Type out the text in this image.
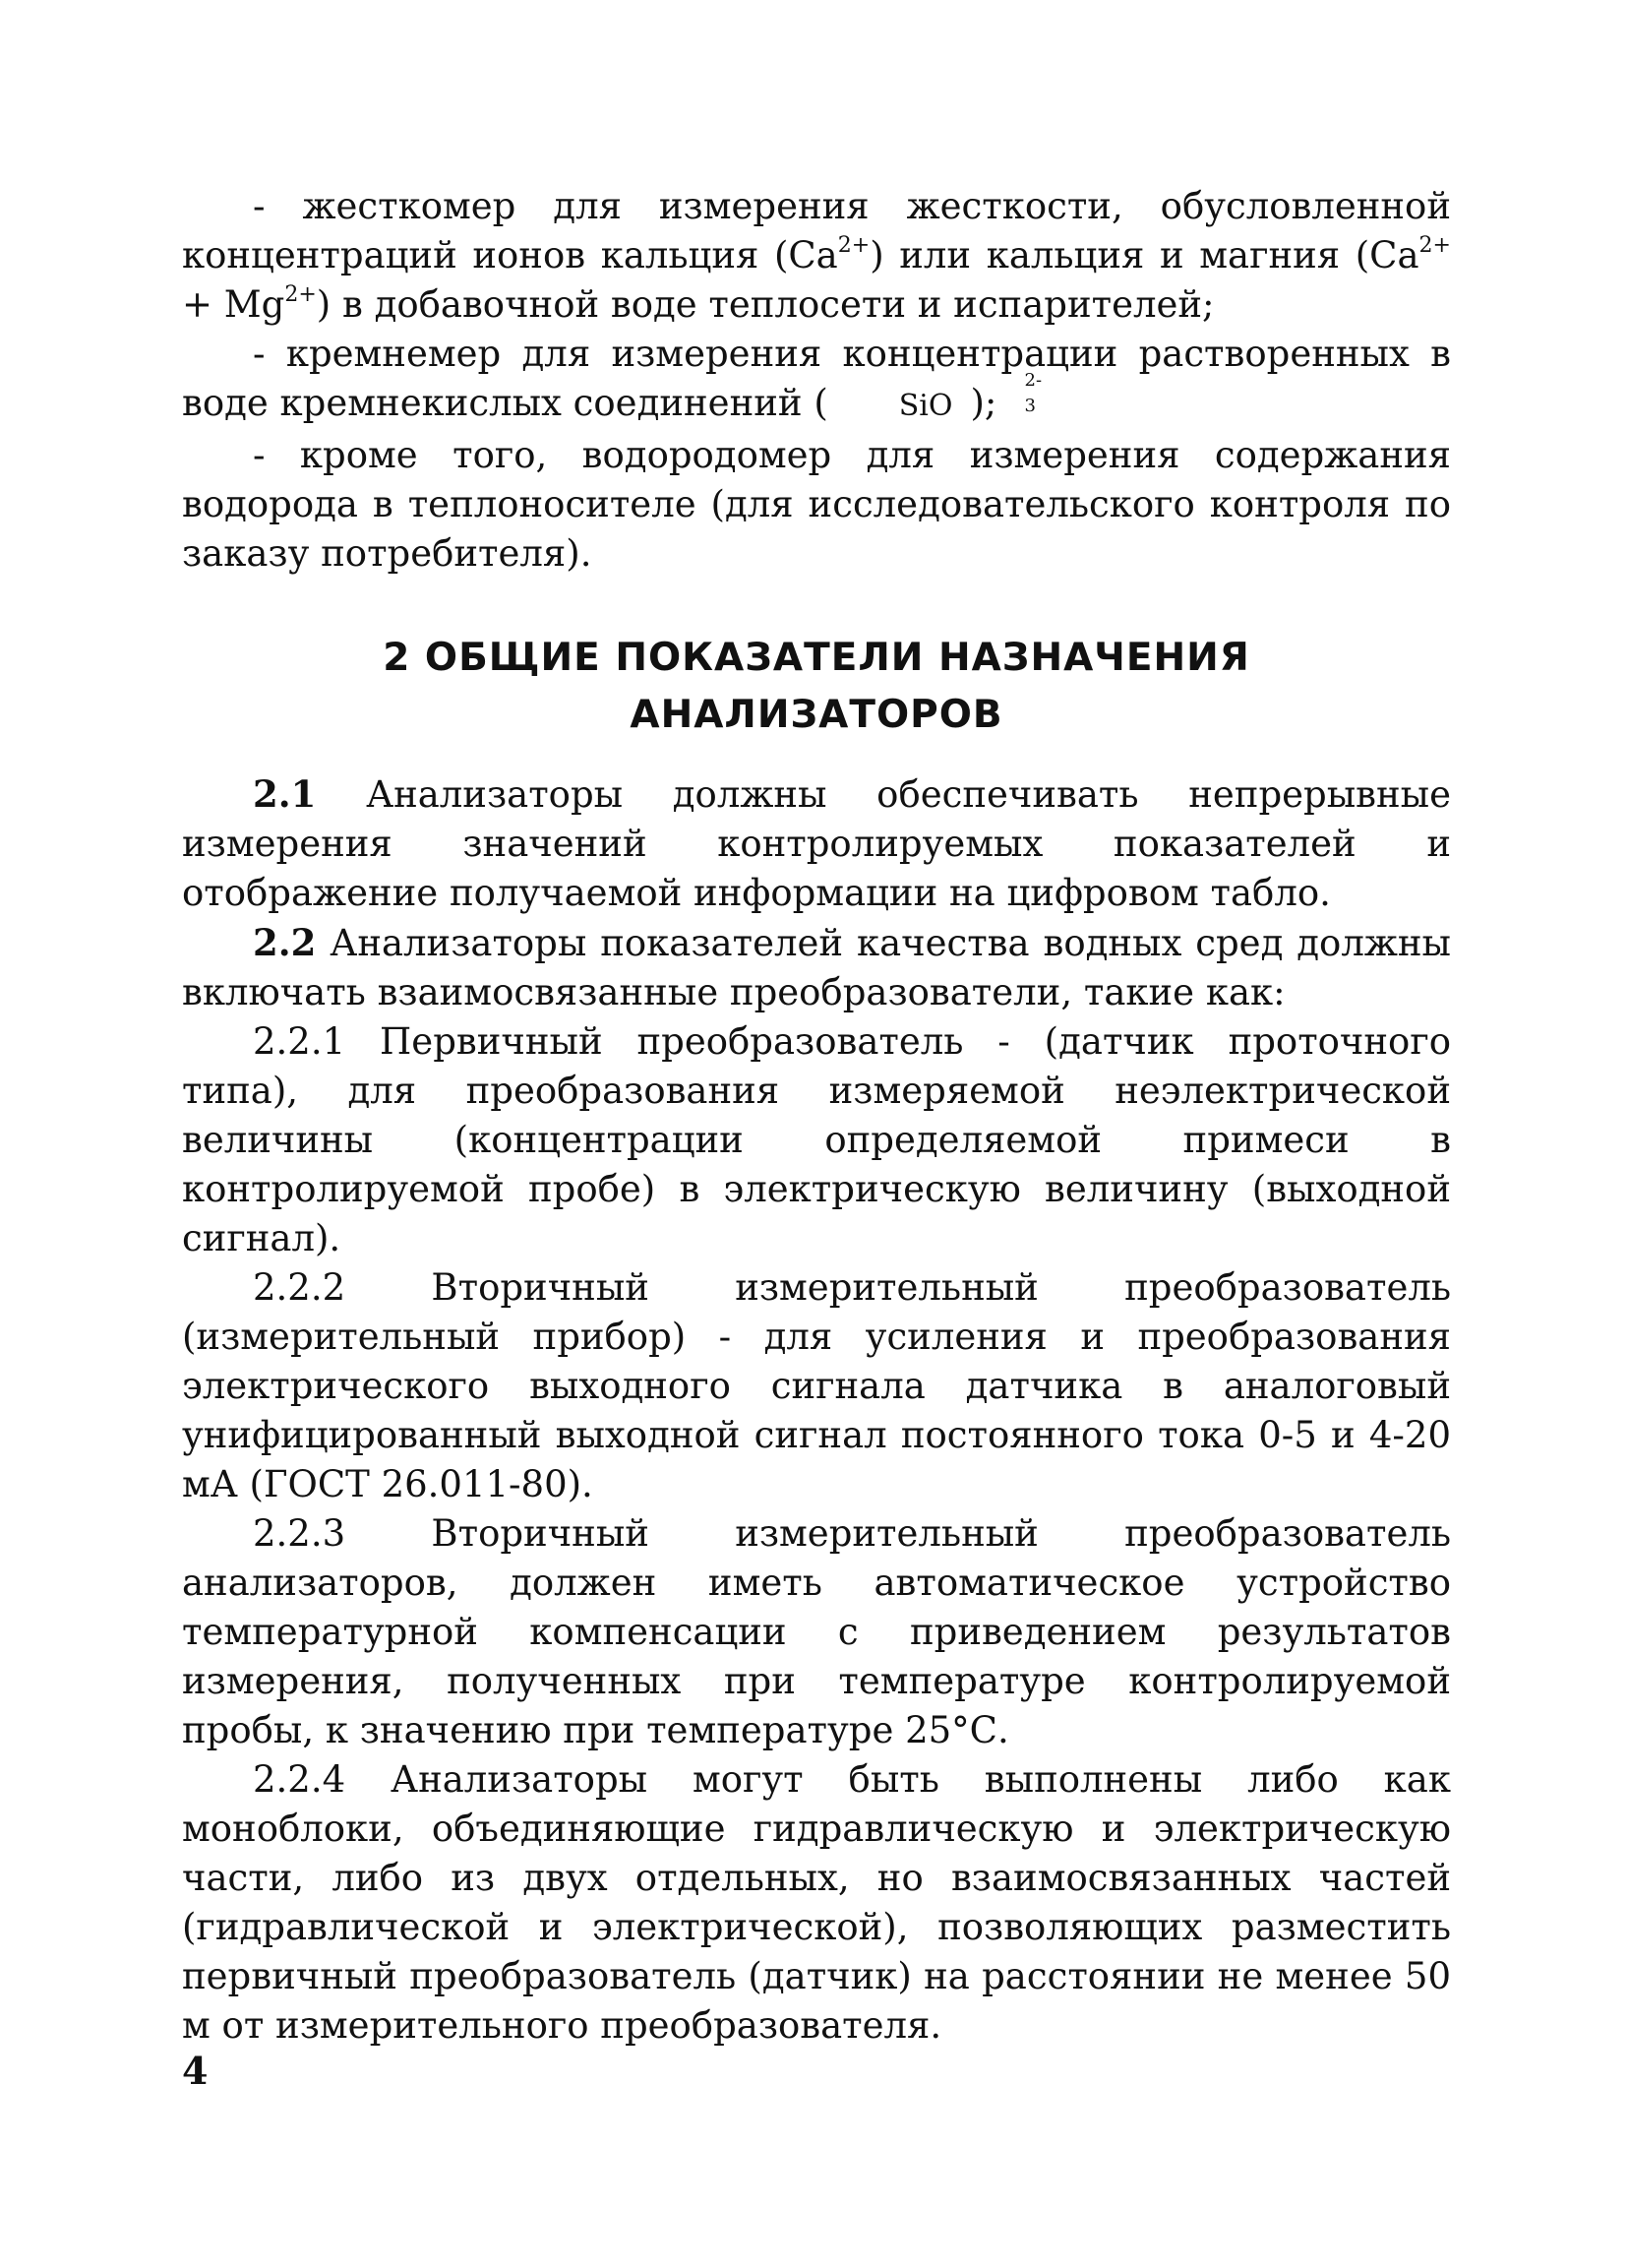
- жесткомер для измерения жесткости, обусловленной концентраций ионов кальция $(Ca^{2+})$ или кальция и магния $(Ca^{2+} + Mg^{2+})$ в добавочной воде теплосети и испарителей;

- кремнемер для измерения концентрации растворенных в воде кремнекислых соединений ( SiO
2-
3
);

- кроме того, водородомер для измерения содержания водорода в теплоносителе (для исследовательского контроля по заказу потребителя).

2 ОБЩИЕ ПОКАЗАТЕЛИ НАЗНАЧЕНИЯ
АНАЛИЗАТОРОВ

2.1 Анализаторы должны обеспечивать непрерывные измерения значений контролируемых показателей и отображение получаемой информации на цифровом табло.

2.2 Анализаторы показателей качества водных сред должны включать взаимосвязанные преобразователи, такие как:

2.2.1 Первичный преобразователь - (датчик проточного типа), для преобразования измеряемой неэлектрической величины (концентрации определяемой примеси в контролируемой пробе) в электрическую величину (выходной сигнал).

2.2.2 Вторичный измерительный преобразователь (измерительный прибор) - для усиления и преобразования электрического выходного сигнала датчика в аналоговый унифицированный выходной сигнал постоянного тока 0-5 и 4-20 мА (ГОСТ 26.011-80).

2.2.3 Вторичный измерительный преобразователь анализаторов, должен иметь автоматическое устройство температурной компенсации с приведением результатов измерения, полученных при температуре контролируемой пробы, к значению при температуре 25°С.

2.2.4 Анализаторы могут быть выполнены либо как моноблоки, объединяющие гидравлическую и электрическую части, либо из двух отдельных, но взаимосвязанных частей (гидравлической и электрической), позволяющих разместить первичный преобразователь (датчик) на расстоянии не менее 50 м от измерительного преобразователя.

4
